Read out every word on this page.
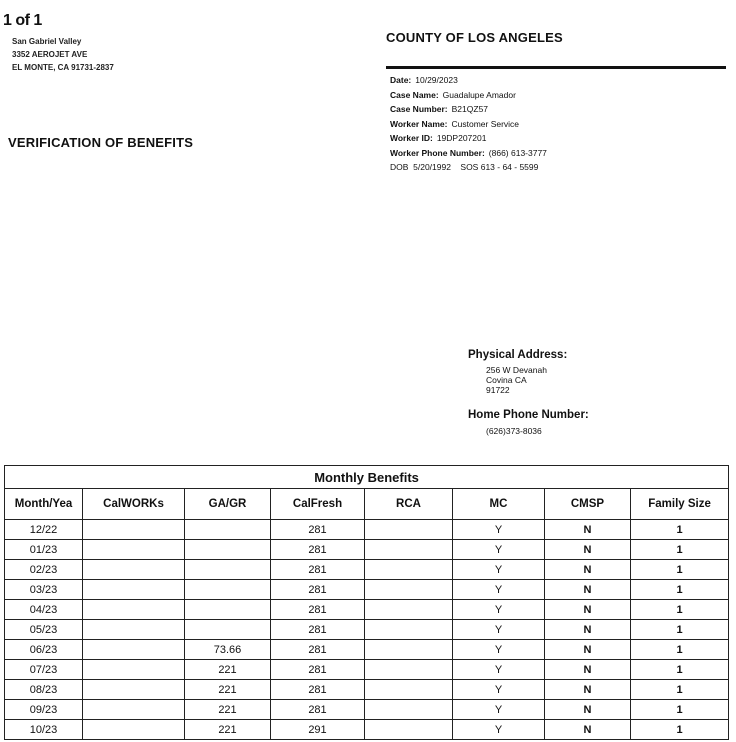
1 of 1
San Gabriel Valley
3352 AEROJET AVE
EL MONTE, CA 91731-2837
COUNTY OF LOS ANGELES
Date: 10/29/2023
Case Name: Guadalupe Amador
Case Number: B21QZ57
Worker Name: Customer Service
Worker ID: 19DP207201
Worker Phone Number: (866) 613-3777
DOB  5/20/1992    SOS 613 - 64 - 5599
VERIFICATION OF BENEFITS
Physical Address:
256 W Devanah
Covina CA
91722
Home Phone Number:
(626)373-8036
Monthly Benefits							
Month/Yea	CalWORKs	GA/GR	CalFresh	RCA	MC	CMSP	Family Size
12/22			281		Y	N	1
01/23			281		Y	N	1
02/23			281		Y	N	1
03/23			281		Y	N	1
04/23			281		Y	N	1
05/23			281		Y	N	1
06/23		73.66	281		Y	N	1
07/23		221	281		Y	N	1
08/23		221	281		Y	N	1
09/23		221	281		Y	N	1
10/23		221	291		Y	N	1
